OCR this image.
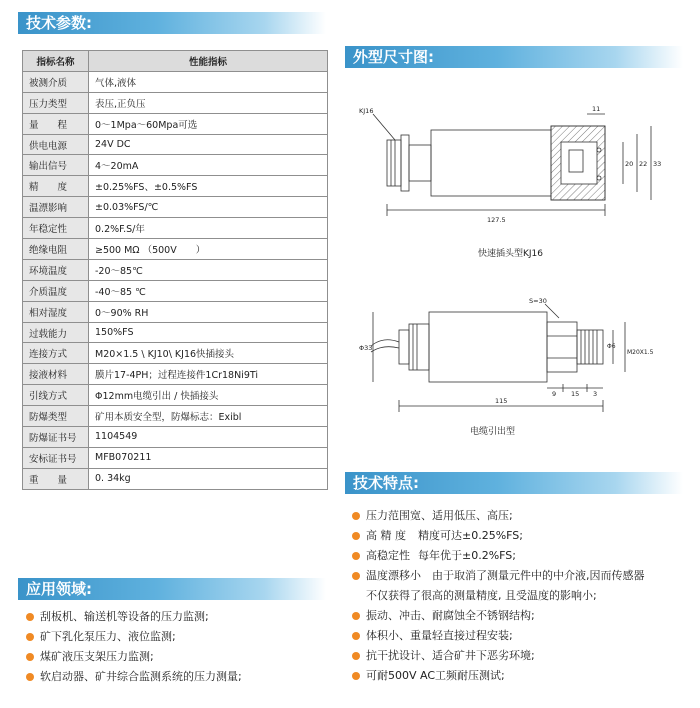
技术参数:
外型尺寸图:
技术特点:
应用领域:
指标名称	性能指标
被测介质	气体,液体
压力类型	表压,正负压
量　　程	0～1Mpa～60Mpa可选
供电电源	24V DC
输出信号	4～20mA
精　　度	±0.25%FS、±0.5%FS
温漂影响	±0.03%FS/℃
年稳定性	0.2%F.S/年
绝缘电阻	≥500 MΩ （500V　　）
环境温度	-20～85℃
介质温度	-40～85 ℃
相对湿度	0～90% RH
过载能力	150%FS
连接方式	M20×1.5 \ KJ10\ KJ16快插接头
接液材料	膜片17-4PH；过程连接件1Cr18Ni9Ti
引线方式	Φ12mm电缆引出 / 快插接头
防爆类型	矿用本质安全型，防爆标志：Exibl
防爆证书号	1104549
安标证书号	MFB070211
重　　量	0. 34kg
KJ16
127.5
11
20 22 33
快速插头型KJ16
S=30
Φ33
M20X1.5
Φ6
9 15 3
115
电缆引出型
压力范围宽、适用低压、高压;
高 精 度 精度可达±0.25%FS;
高稳定性 每年优于±0.2%FS;
温度漂移小 由于取消了测量元件中的中介液,因而传感器
不仅获得了很高的测量精度, 且受温度的影响小;
振动、冲击、耐腐蚀全不锈钢结构;
体积小、重量轻直接过程安装;
抗干扰设计、适合矿井下恶劣环境;
可耐500V AC工频耐压测试;
刮板机、输送机等设备的压力监测;
矿下乳化泵压力、液位监测;
煤矿液压支架压力监测;
软启动器、矿井综合监测系统的压力测量;
